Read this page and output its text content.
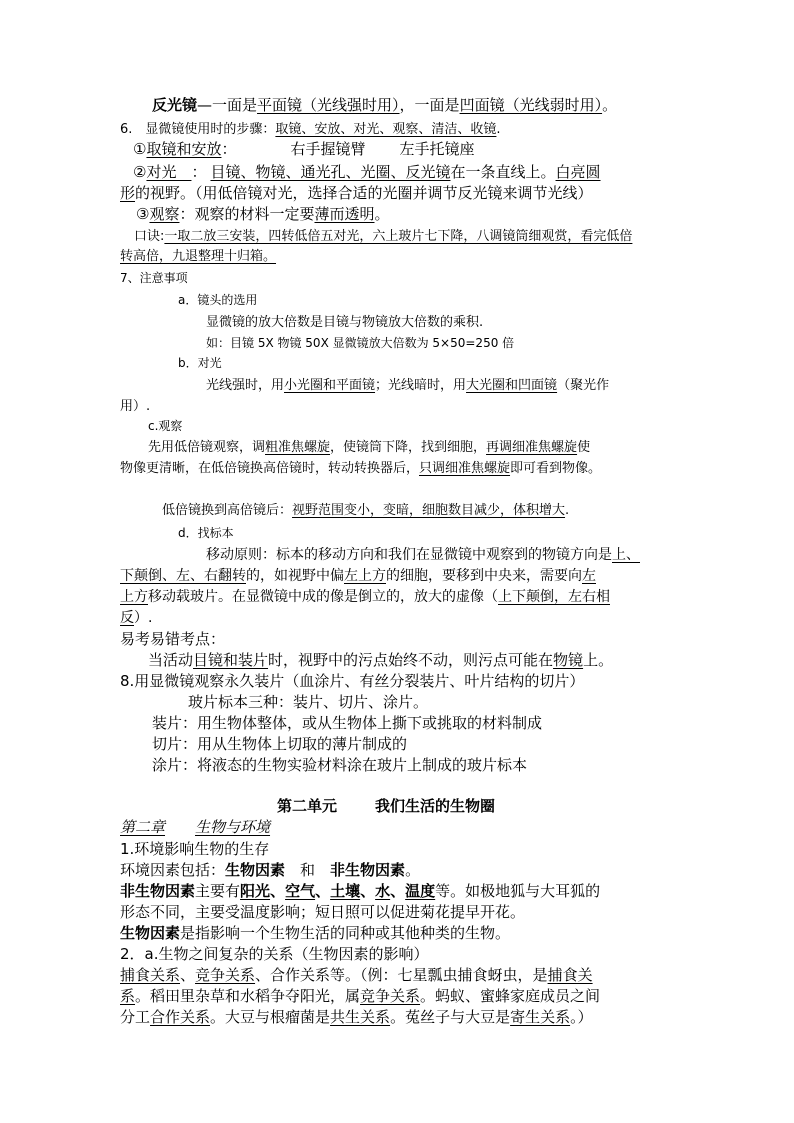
反光镜—一面是平面镜（光线强时用），一面是凹面镜（光线弱时用）。
6.　显微镜使用时的步骤：取镜、安放、对光、观察、清洁、收镜.
①取镜和安放：	右手握镜臂 左手托镜座
②对光　： 目镜、物镜、通光孔、光圈、反光镜在一条直线上。白亮圆
形的视野。（用低倍镜对光，选择合适的光圈并调节反光镜来调节光线）
③观察：观察的材料一定要薄而透明。
口诀:一取二放三安装，四转低倍五对光，六上玻片七下降，八调镜筒细观赏，看完低倍
转高倍，九退整理十归箱。
7、注意事项
a．镜头的选用
显微镜的放大倍数是目镜与物镜放大倍数的乘积.
如：目镜 5X 物镜 50X 显微镜放大倍数为 5×50=250 倍
b．对光
光线强时，用小光圈和平面镜；光线暗时，用大光圈和凹面镜（聚光作
用）.
c.观察
先用低倍镜观察，调粗准焦螺旋，使镜筒下降，找到细胞，再调细准焦螺旋使
物像更清晰，在低倍镜换高倍镜时，转动转换器后，只调细准焦螺旋即可看到物像。
低倍镜换到高倍镜后：视野范围变小，变暗，细胞数目减少，体积增大.
d．找标本
移动原则：标本的移动方向和我们在显微镜中观察到的物镜方向是上、
下颠倒、左、右翻转的，如视野中偏左上方的细胞，要移到中央来，需要向左
上方移动载玻片。在显微镜中成的像是倒立的，放大的虚像（上下颠倒，左右相
反）.
易考易错考点：
当活动目镜和装片时，视野中的污点始终不动，则污点可能在物镜上。
8.用显微镜观察永久装片（血涂片、有丝分裂装片、叶片结构的切片）
玻片标本三种：装片、切片、涂片。
装片：用生物体整体，或从生物体上撕下或挑取的材料制成
切片：用从生物体上切取的薄片制成的
涂片：将液态的生物实验材料涂在玻片上制成的玻片标本
第二单元	我们生活的生物圈
第二章 生物与环境
1.环境影响生物的生存
环境因素包括：生物因素　和　非生物因素。
非生物因素主要有阳光、空气、土壤、水、温度等。如极地狐与大耳狐的
形态不同，主要受温度影响；短日照可以促进菊花提早开花。
生物因素是指影响一个生物生活的同种或其他种类的生物。
2．a.生物之间复杂的关系（生物因素的影响）
捕食关系、竞争关系、合作关系等。（例：七星瓢虫捕食蚜虫，是捕食关
系。稻田里杂草和水稻争夺阳光，属竞争关系。蚂蚁、蜜蜂家庭成员之间
分工合作关系。大豆与根瘤菌是共生关系。菟丝子与大豆是寄生关系。）
